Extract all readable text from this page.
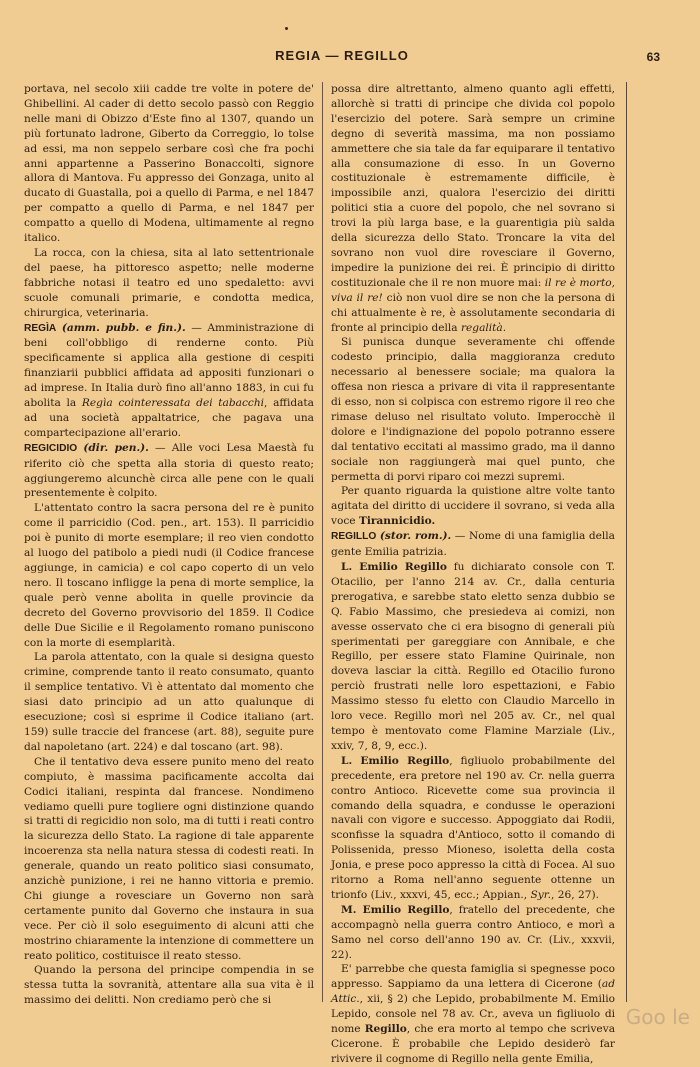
REGIA — REGILLO	63

portava, nel secolo xiii cadde tre volte in potere de' Ghibellini. Al cader di detto secolo passò con Reggio nelle mani di Obizzo d'Este fino al 1307, quando un più fortunato ladrone, Giberto da Correggio, lo tolse ad essi, ma non seppelo serbare così che fra pochi anni appartenne a Passerino Bonaccolti, signore allora di Mantova. Fu appresso dei Gonzaga, unito al ducato di Guastalla, poi a quello di Parma, e nel 1847 per compatto a quello di Parma, e nel 1847 per compatto a quello di Modena, ultimamente al regno italico.

La rocca, con la chiesa, sita al lato settentrionale del paese, ha pittoresco aspetto; nelle moderne fabbriche notasi il teatro ed uno spedaletto: avvi scuole comunali primarie, e condotta medica, chirurgica, veterinaria.

REGÌA (amm. pubb. e fin.). — Amministrazione di beni coll'obbligo di renderne conto. Più specificamente si applica alla gestione di cespiti finanziarii pubblici affidata ad appositi funzionari o ad imprese. In Italia durò fino all'anno 1883, in cui fu abolita la Regìa cointeressata dei tabacchi, affidata ad una società appaltatrice, che pagava una compartecipazione all'erario.

REGICIDIO (dir. pen.). — Alle voci Lesa Maestà fu riferito ciò che spetta alla storia di questo reato; aggiungeremo alcunchè circa alle pene con le quali presentemente è colpito.

L'attentato contro la sacra persona del re è punito come il parricidio (Cod. pen., art. 153). Il parricidio poi è punito di morte esemplare; il reo vien condotto al luogo del patibolo a piedi nudi (il Codice francese aggiunge, in camicia) e col capo coperto di un velo nero. Il toscano infligge la pena di morte semplice, la quale però venne abolita in quelle provincie da decreto del Governo provvisorio del 1859. Il Codice delle Due Sicilie e il Regolamento romano puniscono con la morte di esemplarità.

La parola attentato, con la quale si designa questo crimine, comprende tanto il reato consumato, quanto il semplice tentativo. Vi è attentato dal momento che siasi dato principio ad un atto qualunque di esecuzione; così si esprime il Codice italiano (art. 159) sulle traccie del francese (art. 88), seguite pure dal napoletano (art. 224) e dal toscano (art. 98).

Che il tentativo deva essere punito meno del reato compiuto, è massima pacificamente accolta dai Codici italiani, respinta dal francese. Nondimeno vediamo quelli pure togliere ogni distinzione quando si tratti di regicidio non solo, ma di tutti i reati contro la sicurezza dello Stato. La ragione di tale apparente incoerenza sta nella natura stessa di codesti reati. In generale, quando un reato politico siasi consumato, anzichè punizione, i rei ne hanno vittoria e premio. Chi giunge a rovesciare un Governo non sarà certamente punito dal Governo che instaura in sua vece. Per ciò il solo eseguimento di alcuni atti che mostrino chiaramente la intenzione di commettere un reato politico, costituisce il reato stesso.

Quando la persona del principe compendia in se stessa tutta la sovranità, attentare alla sua vita è il massimo dei delitti. Non crediamo però che si

possa dire altrettanto, almeno quanto agli effetti, allorchè si tratti di principe che divida col popolo l'esercizio del potere. Sarà sempre un crimine degno di severità massima, ma non possiamo ammettere che sia tale da far equiparare il tentativo alla consumazione di esso. In un Governo costituzionale è estremamente difficile, è impossibile anzi, qualora l'esercizio dei diritti politici stia a cuore del popolo, che nel sovrano si trovi la più larga base, e la guarentigia più salda della sicurezza dello Stato. Troncare la vita del sovrano non vuol dire rovesciare il Governo, impedire la punizione dei rei. È principio di diritto costituzionale che il re non muore mai: il re è morto, viva il re! ciò non vuol dire se non che la persona di chi attualmente è re, è assolutamente secondaria di fronte al principio della regalità.

Si punisca dunque severamente chi offende codesto principio, dalla maggioranza creduto necessario al benessere sociale; ma qualora la offesa non riesca a privare di vita il rappresentante di esso, non si colpisca con estremo rigore il reo che rimase deluso nel risultato voluto. Imperocchè il dolore e l'indignazione del popolo potranno essere dal tentativo eccitati al massimo grado, ma il danno sociale non raggiungerà mai quel punto, che permetta di porvi riparo coi mezzi supremi.

Per quanto riguarda la quistione altre volte tanto agitata del diritto di uccidere il sovrano, si veda alla voce Tirannicidio.

REGILLO (stor. rom.). — Nome di una famiglia della gente Emilia patrizia.

L. Emilio Regillo fu dichiarato console con T. Otacilio, per l'anno 214 av. Cr., dalla centuria prerogativa, e sarebbe stato eletto senza dubbio se Q. Fabio Massimo, che presiedeva ai comizi, non avesse osservato che ci era bisogno di generali più sperimentati per gareggiare con Annibale, e che Regillo, per essere stato Flamine Quirinale, non doveva lasciar la città. Regillo ed Otacilio furono perciò frustrati nelle loro espettazioni, e Fabio Massimo stesso fu eletto con Claudio Marcello in loro vece. Regillo morì nel 205 av. Cr., nel qual tempo è mentovato come Flamine Marziale (Liv., xxiv, 7, 8, 9, ecc.).

L. Emilio Regillo, figliuolo probabilmente del precedente, era pretore nel 190 av. Cr. nella guerra contro Antioco. Ricevette come sua provincia il comando della squadra, e condusse le operazioni navali con vigore e successo. Appoggiato dai Rodii, sconfisse la squadra d'Antioco, sotto il comando di Polissenida, presso Mioneso, isoletta della costa Jonia, e prese poco appresso la città di Focea. Al suo ritorno a Roma nell'anno seguente ottenne un trionfo (Liv., xxxvi, 45, ecc.; Appian., Syr., 26, 27).

M. Emilio Regillo, fratello del precedente, che accompagnò nella guerra contro Antioco, e morì a Samo nel corso dell'anno 190 av. Cr. (Liv., xxxvii, 22).

E' parrebbe che questa famiglia si spegnesse poco appresso. Sappiamo da una lettera di Cicerone (ad Attic., xii, § 2) che Lepido, probabilmente M. Emilio Lepido, console nel 78 av. Cr., aveva un figliuolo di nome Regillo, che era morto al tempo che scriveva Cicerone. È probabile che Lepido desiderò far rivivere il cognome di Regillo nella gente Emilia,

Goo le
